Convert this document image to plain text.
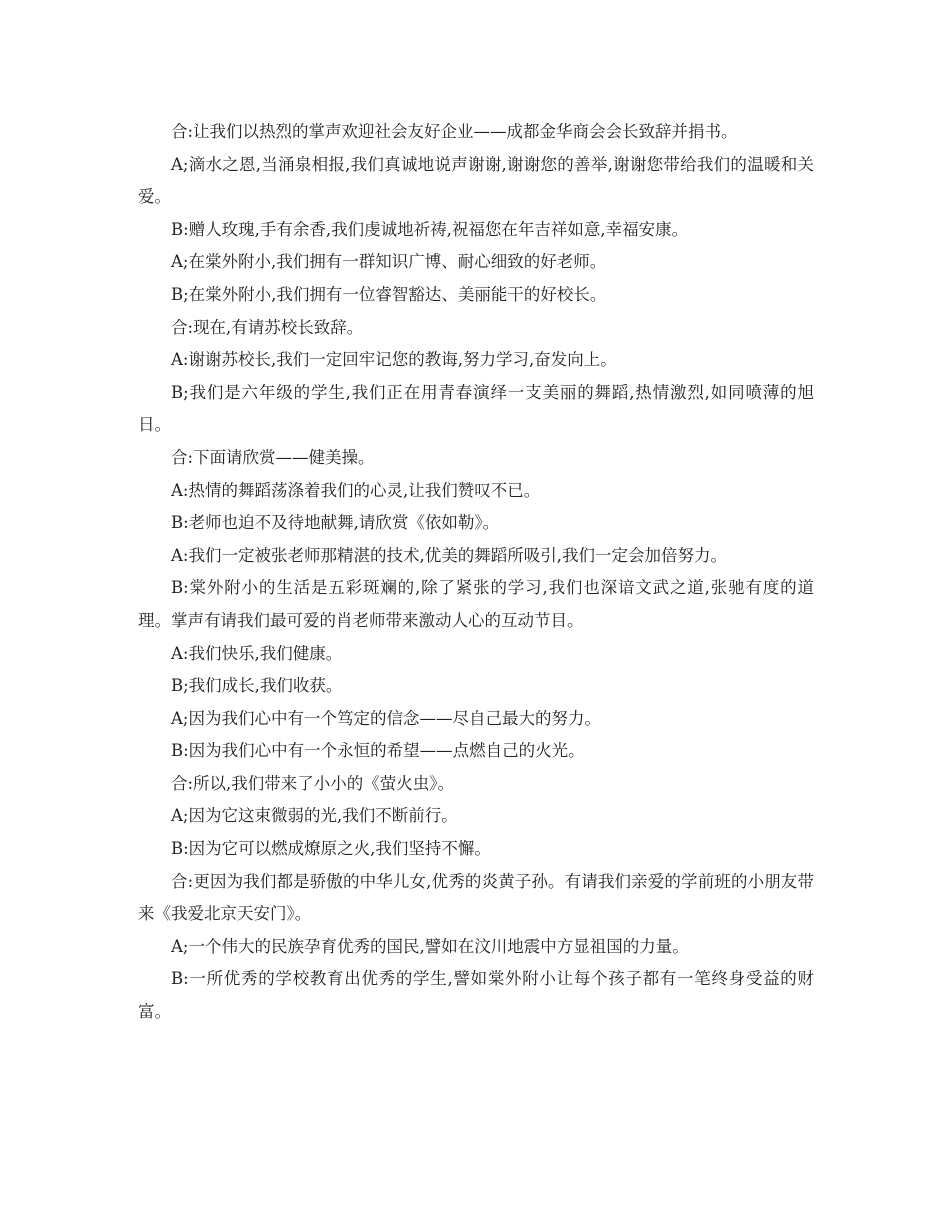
合:让我们以热烈的掌声欢迎社会友好企业——成都金华商会会长致辞并捐书。

A;滴水之恩,当涌泉相报,我们真诚地说声谢谢,谢谢您的善举,谢谢您带给我们的温暖和关爱。

B:赠人玫瑰,手有余香,我们虔诚地祈祷,祝福您在年吉祥如意,幸福安康。

A;在棠外附小,我们拥有一群知识广博、耐心细致的好老师。

B;在棠外附小,我们拥有一位睿智豁达、美丽能干的好校长。

合:现在,有请苏校长致辞。

A:谢谢苏校长,我们一定回牢记您的教诲,努力学习,奋发向上。

B;我们是六年级的学生,我们正在用青春演绎一支美丽的舞蹈,热情激烈,如同喷薄的旭日。

合:下面请欣赏——健美操。

A:热情的舞蹈荡涤着我们的心灵,让我们赞叹不已。

B:老师也迫不及待地献舞,请欣赏《依如勒》。

A:我们一定被张老师那精湛的技术,优美的舞蹈所吸引,我们一定会加倍努力。

B:棠外附小的生活是五彩斑斓的,除了紧张的学习,我们也深谙文武之道,张驰有度的道理。掌声有请我们最可爱的肖老师带来激动人心的互动节目。

A:我们快乐,我们健康。

B;我们成长,我们收获。

A;因为我们心中有一个笃定的信念——尽自己最大的努力。

B:因为我们心中有一个永恒的希望——点燃自己的火光。

合:所以,我们带来了小小的《萤火虫》。

A;因为它这束微弱的光,我们不断前行。

B:因为它可以燃成燎原之火,我们坚持不懈。

合:更因为我们都是骄傲的中华儿女,优秀的炎黄子孙。有请我们亲爱的学前班的小朋友带来《我爱北京天安门》。

A;一个伟大的民族孕育优秀的国民,譬如在汶川地震中方显祖国的力量。

B:一所优秀的学校教育出优秀的学生,譬如棠外附小让每个孩子都有一笔终身受益的财富。
